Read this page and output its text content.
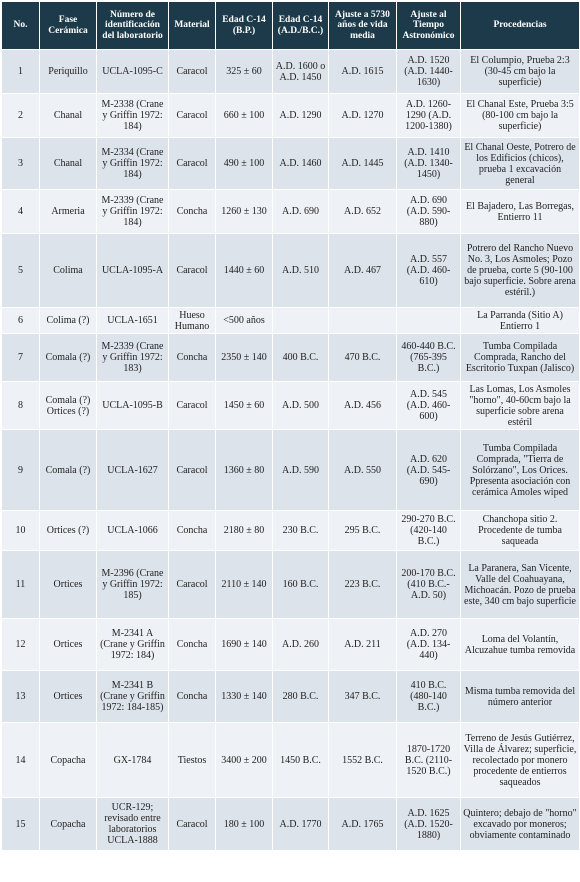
No.	Fase Cerámica	Número de identificación del laboratorio	Material	Edad C-14 (B.P.)	Edad C-14 (A.D./B.C.)	Ajuste a 5730 años de vida media	Ajuste al Tiempo Astronómico	Procedencias
1	Periquillo	UCLA-1095-C	Caracol	325 ± 60	A.D. 1600 o A.D. 1450	A.D. 1615	A.D. 1520 (A.D. 1440-1630)	El Columpio, Prueba 2:3 (30-45 cm bajo la superficie)
2	Chanal	M-2338 (Crane y Griffin 1972: 184)	Caracol	660 ± 100	A.D. 1290	A.D. 1270	A.D. 1260-1290 (A.D. 1200-1380)	El Chanal Este, Prueba 3:5 (80-100 cm bajo la superficie)
3	Chanal	M-2334 (Crane y Griffin 1972: 184)	Caracol	490 ± 100	A.D. 1460	A.D. 1445	A.D. 1410 (A.D. 1340-1450)	El Chanal Oeste, Potrero de los Edificios (chicos), prueba 1 excavación general
4	Armeria	M-2339 (Crane y Griffin 1972: 184)	Concha	1260 ± 130	A.D. 690	A.D. 652	A.D. 690 (A.D. 590-880)	El Bajadero, Las Borregas, Entierro 11
5	Colima	UCLA-1095-A	Caracol	1440 ± 60	A.D. 510	A.D. 467	A.D. 557 (A.D. 460-610)	Potrero del Rancho Nuevo No. 3, Los Asmoles; Pozo de prueba, corte 5 (90-100 bajo superficie. Sobre arena estéril.)
6	Colima (?)	UCLA-1651	Hueso Humano	<500 años				La Parranda (Sitio A) Entierro 1
7	Comala (?)	M-2339 (Crane y Griffin 1972: 183)	Concha	2350 ± 140	400 B.C.	470 B.C.	460-440 B.C. (765-395 B.C.)	Tumba Compilada Comprada, Rancho del Escritorio Tuxpan (Jalisco)
8	Comala (?) Ortices (?)	UCLA-1095-B	Caracol	1450 ± 60	A.D. 500	A.D. 456	A.D. 545 (A.D. 460-600)	Las Lomas, Los Asmoles "horno", 40-60cm bajo la superficie sobre arena estéril
9	Comala (?)	UCLA-1627	Caracol	1360 ± 80	A.D. 590	A.D. 550	A.D. 620 (A.D. 545-690)	Tumba Compilada Comprada, "Tierra de Solórzano", Los Orices. Ppresenta asociación con cerámica Amoles wiped
10	Ortices (?)	UCLA-1066	Concha	2180 ± 80	230 B.C.	295 B.C.	290-270 B.C. (420-140 B.C.)	Chanchopa sitio 2. Procedente de tumba saqueada
11	Ortices	M-2396 (Crane y Griffin 1972: 185)	Caracol	2110 ± 140	160 B.C.	223 B.C.	200-170 B.C. (410 B.C.-A.D. 50)	La Paranera, San Vicente, Valle del Coahuayana, Michoacán. Pozo de prueba este, 340 cm bajo superficie
12	Ortices	M-2341 A (Crane y Griffin 1972: 184)	Concha	1690 ± 140	A.D. 260	A.D. 211	A.D. 270 (A.D. 134-440)	Loma del Volantín, Alcuzahue tumba removida
13	Ortices	M-2341 B (Crane y Griffin 1972: 184-185)	Concha	1330 ± 140	280 B.C.	347 B.C.	410 B.C. (480-140 B.C.)	Misma tumba removida del número anterior
14	Copacha	GX-1784	Tiestos	3400 ± 200	1450 B.C.	1552 B.C.	1870-1720 B.C. (2110-1520 B.C.)	Terreno de Jesús Gutiérrez, Villa de Álvarez; superficie, recolectado por monero procedente de entierros saqueados
15	Copacha	UCR-129; revisado entre laboratorios UCLA-1888	Caracol	180 ± 100	A.D. 1770	A.D. 1765	A.D. 1625 (A.D. 1520-1880)	Quintero; debajo de "horno" excavado por moneros; obviamente contaminado
